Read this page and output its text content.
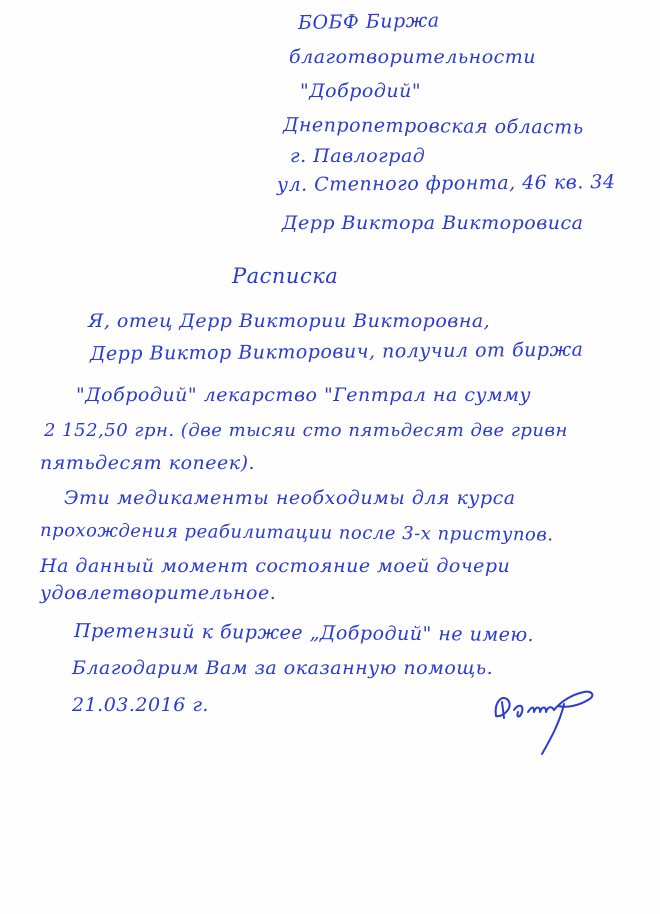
БОБФ Биржа
благотворительности
"Добродий"
Днепропетровская область
г. Павлоград
ул. Степного фронта, 46 кв. 34
Дерр Виктора Викторовиса
Расписка
Я, отец Дерр Виктории Викторовна,
Дерр Виктор Викторович, получил от биржа
"Добродий" лекарство "Гептрал на сумму
2 152,50 грн. (две тысяи сто пятьдесят две гривн
пятьдесят копеек).
Эти медикаменты необходимы для курса
прохождения реабилитации после 3-х приступов.
На данный момент состояние моей дочери
удовлетворительное.
Претензий к биржее „Добродий" не имею.
Благодарим Вам за оказанную помощь.
21.03.2016 г.
